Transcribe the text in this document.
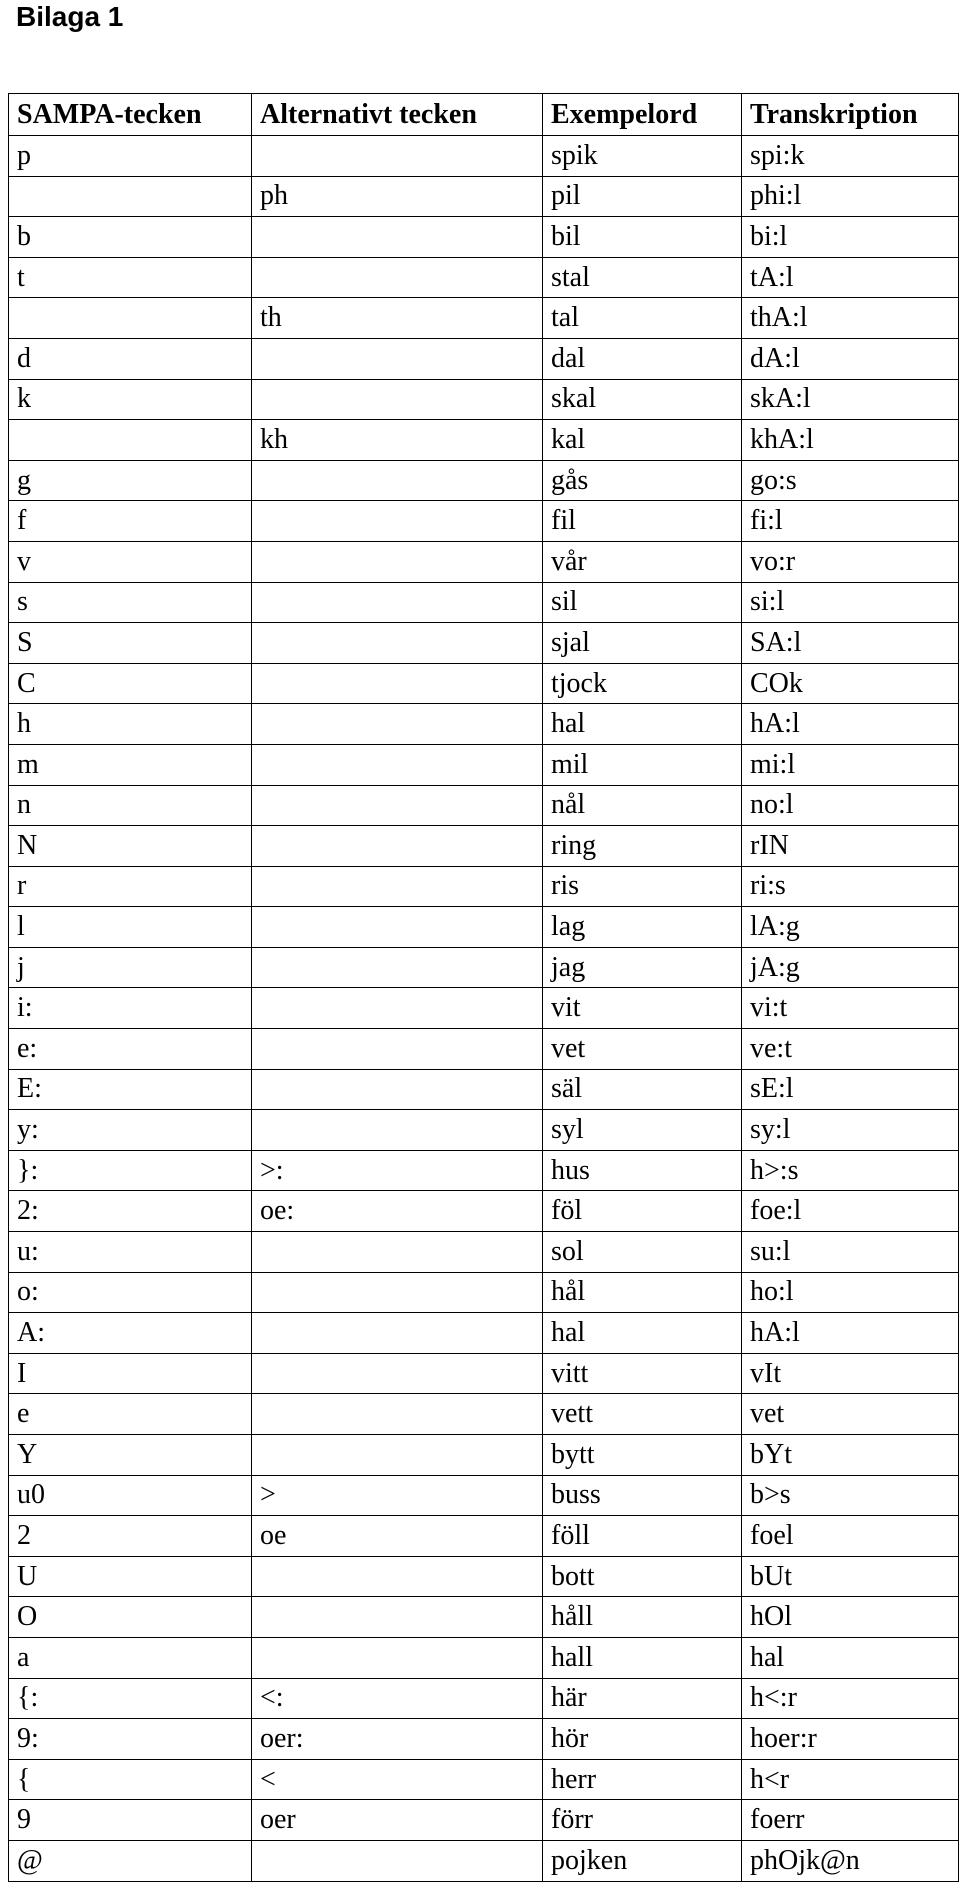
Bilaga 1
SAMPA-tecken	Alternativt tecken	Exempelord	Transkription
p		spik	spi:k
	ph	pil	phi:l
b		bil	bi:l
t		stal	tA:l
	th	tal	thA:l
d		dal	dA:l
k		skal	skA:l
	kh	kal	khA:l
g		gås	go:s
f		fil	fi:l
v		vår	vo:r
s		sil	si:l
S		sjal	SA:l
C		tjock	COk
h		hal	hA:l
m		mil	mi:l
n		nål	no:l
N		ring	rIN
r		ris	ri:s
l		lag	lA:g
j		jag	jA:g
i:		vit	vi:t
e:		vet	ve:t
E:		säl	sE:l
y:		syl	sy:l
}:	>:	hus	h>:s
2:	oe:	föl	foe:l
u:		sol	su:l
o:		hål	ho:l
A:		hal	hA:l
I		vitt	vIt
e		vett	vet
Y		bytt	bYt
u0	>	buss	b>s
2	oe	föll	foel
U		bott	bUt
O		håll	hOl
a		hall	hal
{:	<:	här	h<:r
9:	oer:	hör	hoer:r
{	<	herr	h<r
9	oer	förr	foerr
@		pojken	phOjk@n
